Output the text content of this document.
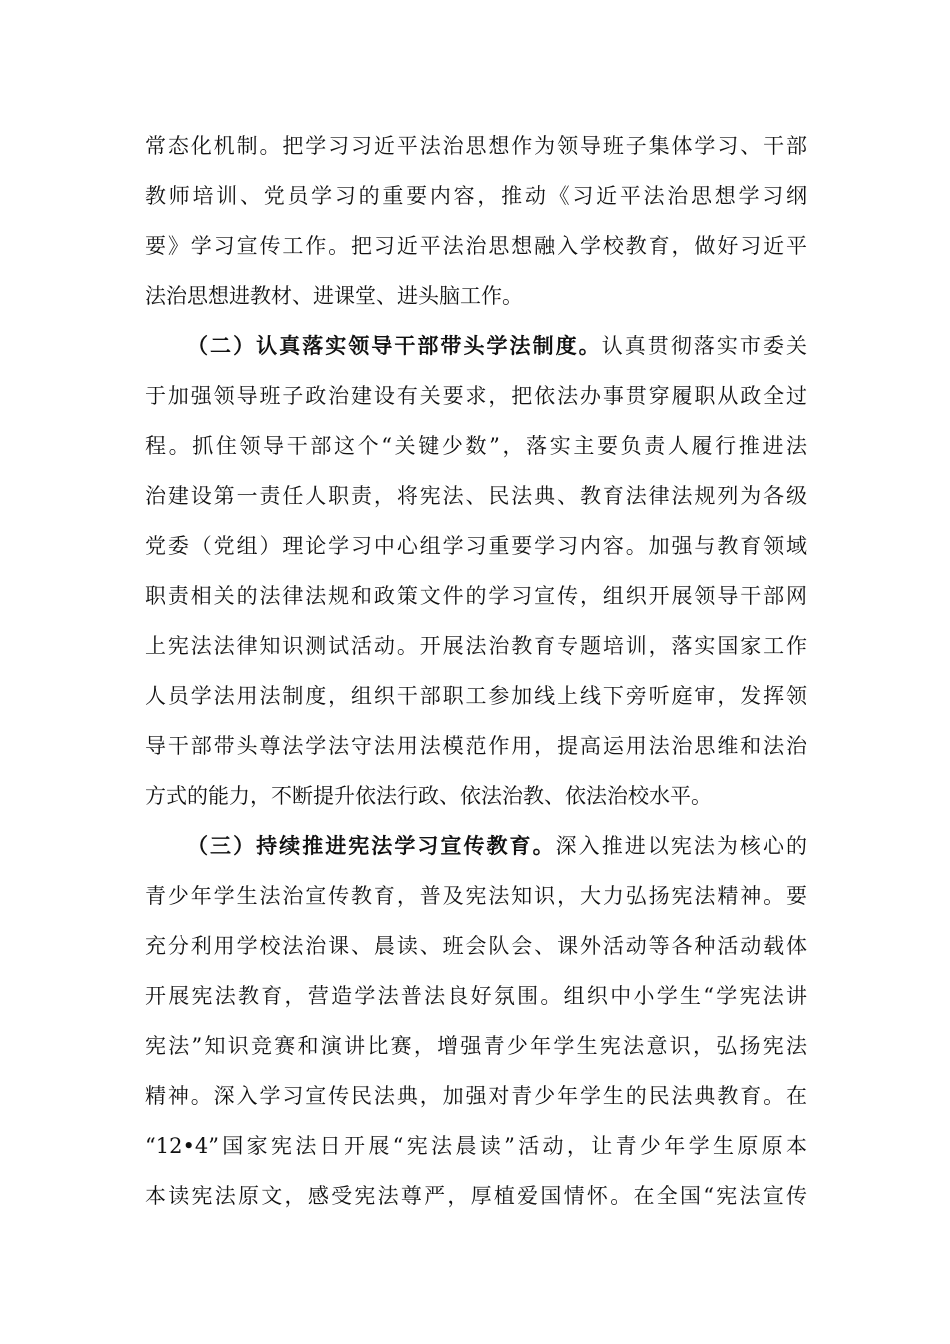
常态化机制。把学习习近平法治思想作为领导班子集体学习、干部
教师培训、党员学习的重要内容，推动《习近平法治思想学习纲
要》学习宣传工作。把习近平法治思想融入学校教育，做好习近平
法治思想进教材、进课堂、进头脑工作。
（二）认真落实领导干部带头学法制度。认真贯彻落实市委关
于加强领导班子政治建设有关要求，把依法办事贯穿履职从政全过
程。抓住领导干部这个“关键少数”，落实主要负责人履行推进法
治建设第一责任人职责，将宪法、民法典、教育法律法规列为各级
党委（党组）理论学习中心组学习重要学习内容。加强与教育领域
职责相关的法律法规和政策文件的学习宣传，组织开展领导干部网
上宪法法律知识测试活动。开展法治教育专题培训，落实国家工作
人员学法用法制度，组织干部职工参加线上线下旁听庭审，发挥领
导干部带头尊法学法守法用法模范作用，提高运用法治思维和法治
方式的能力，不断提升依法行政、依法治教、依法治校水平。
（三）持续推进宪法学习宣传教育。深入推进以宪法为核心的
青少年学生法治宣传教育，普及宪法知识，大力弘扬宪法精神。要
充分利用学校法治课、晨读、班会队会、课外活动等各种活动载体
开展宪法教育，营造学法普法良好氛围。组织中小学生“学宪法讲
宪法”知识竞赛和演讲比赛，增强青少年学生宪法意识，弘扬宪法
精神。深入学习宣传民法典，加强对青少年学生的民法典教育。在
“12•4”国家宪法日开展“宪法晨读”活动，让青少年学生原原本
本读宪法原文，感受宪法尊严，厚植爱国情怀。在全国“宪法宣传
